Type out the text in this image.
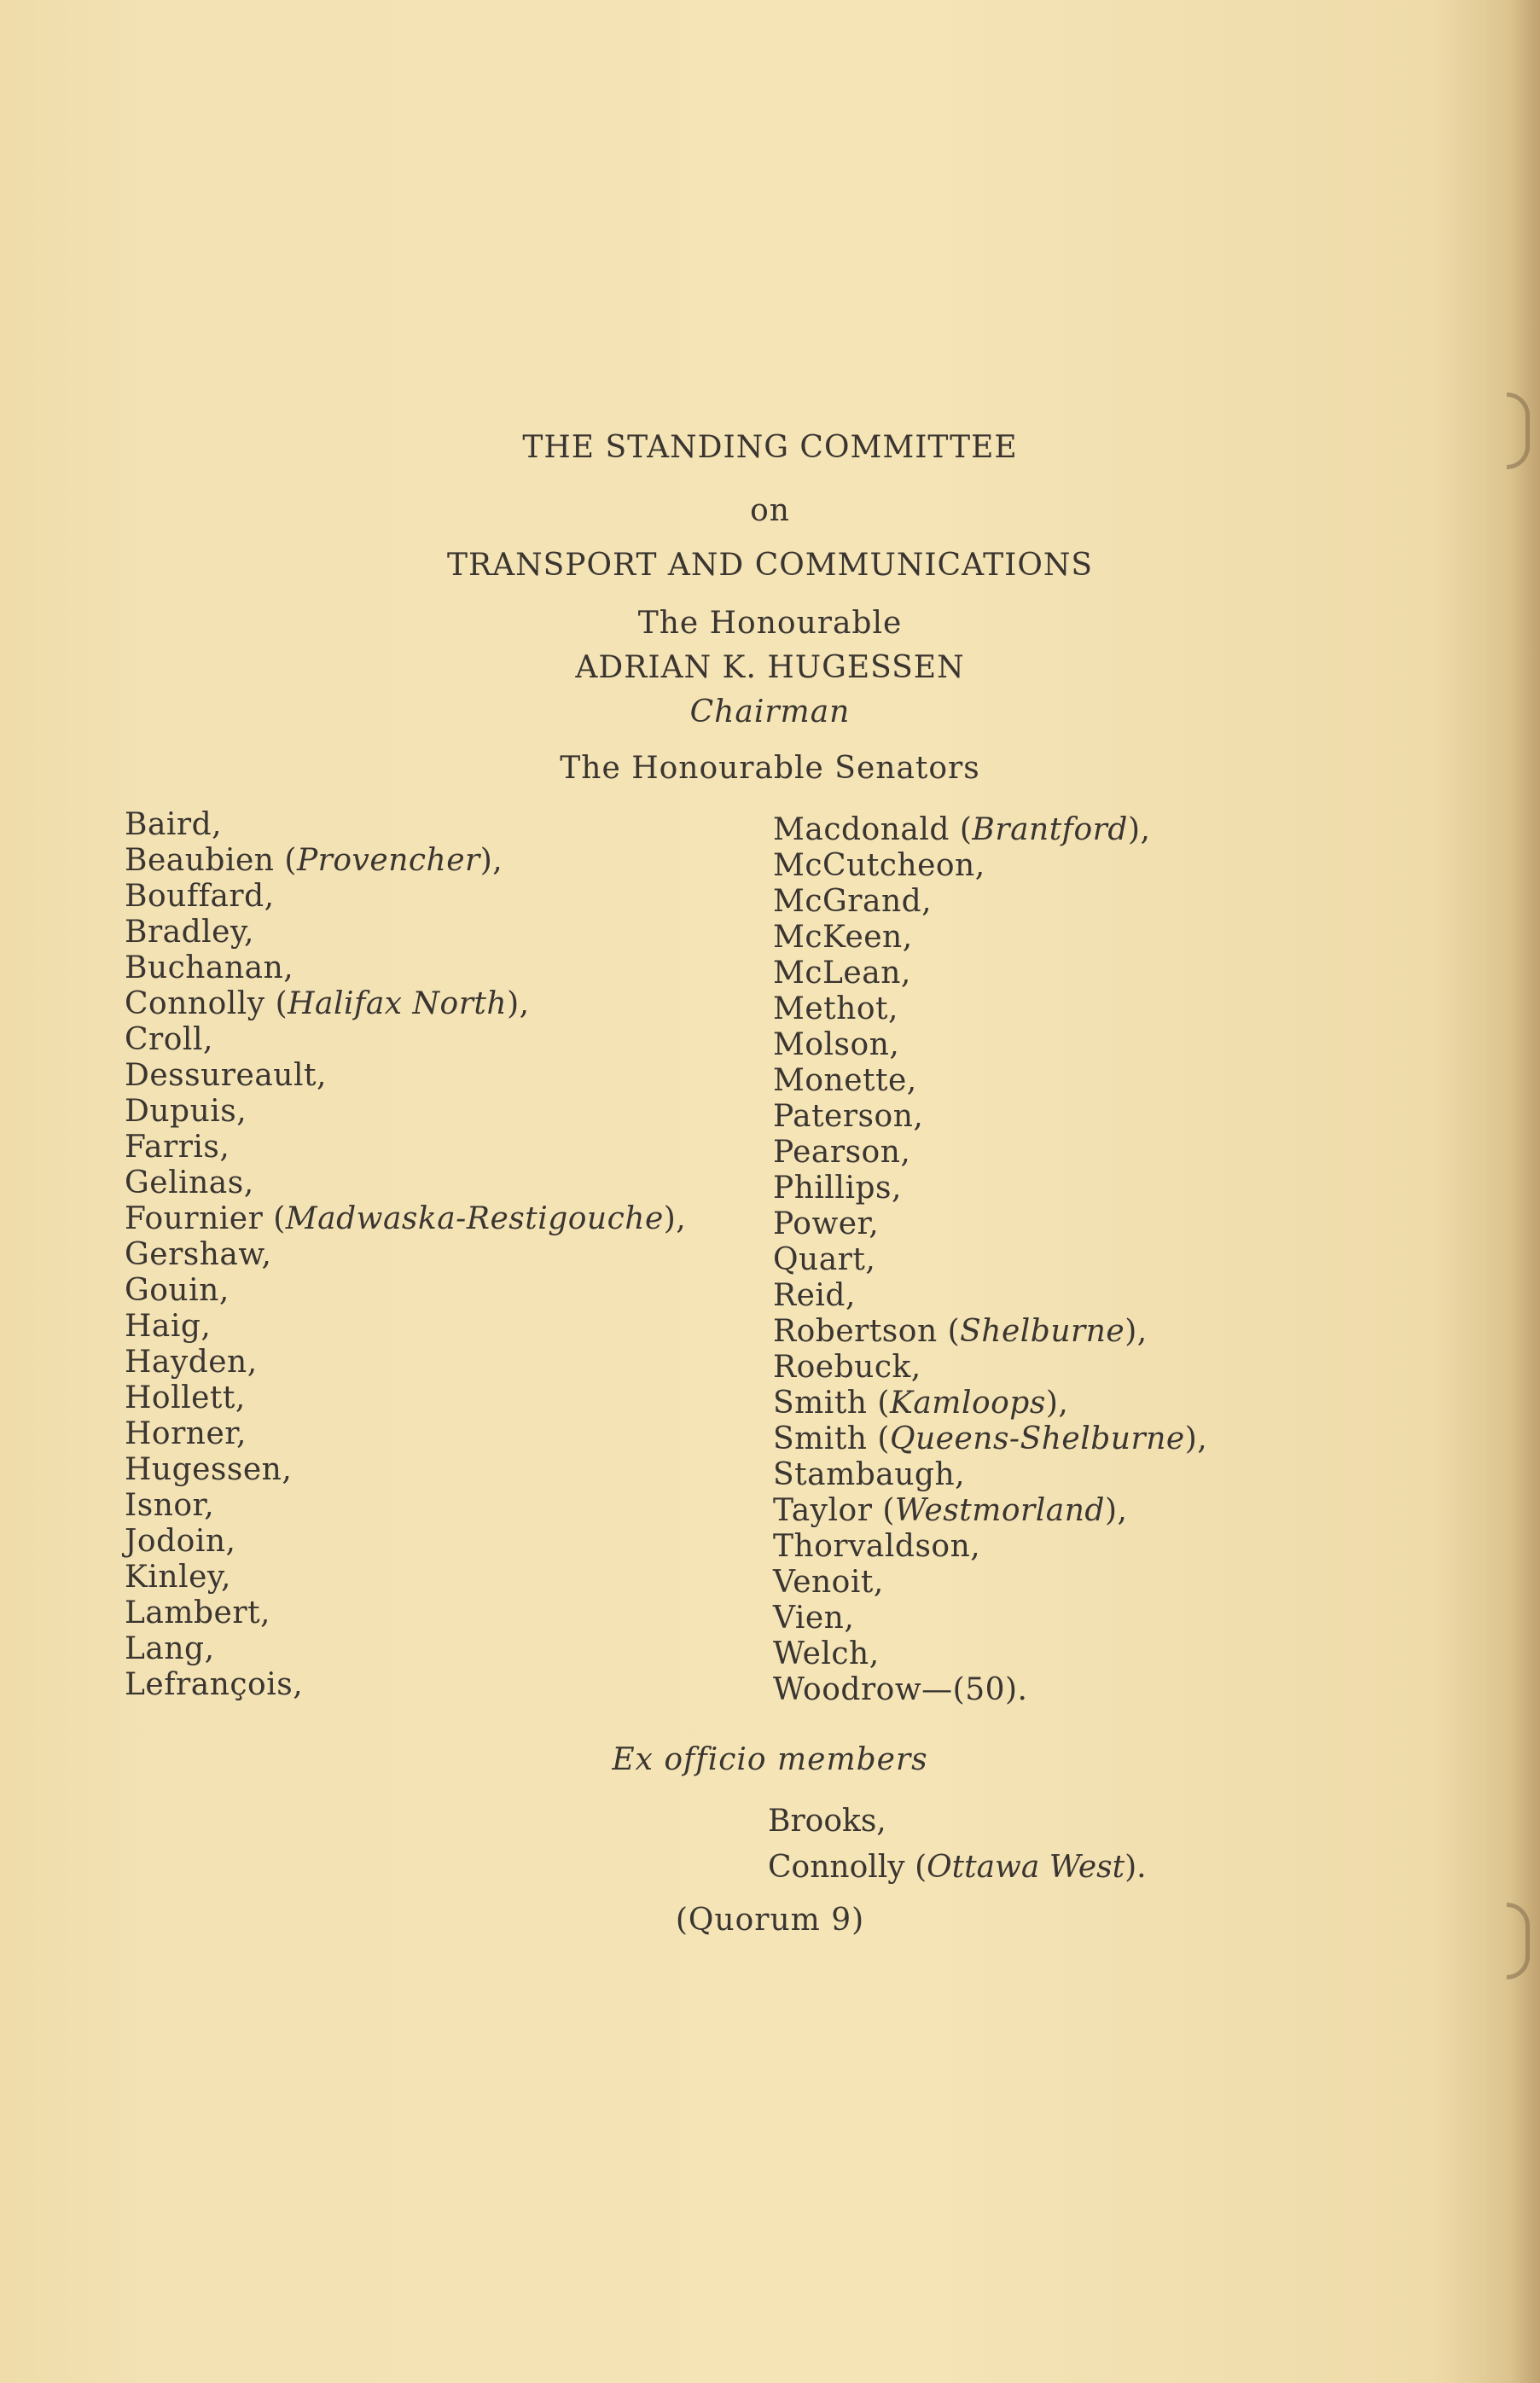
THE STANDING COMMITTEE
on
TRANSPORT AND COMMUNICATIONS
The Honourable
ADRIAN K. HUGESSEN
Chairman
The Honourable Senators
Baird,
Beaubien (Provencher),
Bouffard,
Bradley,
Buchanan,
Connolly (Halifax North),
Croll,
Dessureault,
Dupuis,
Farris,
Gelinas,
Fournier (Madwaska-Restigouche),
Gershaw,
Gouin,
Haig,
Hayden,
Hollett,
Horner,
Hugessen,
Isnor,
Jodoin,
Kinley,
Lambert,
Lang,
Lefrançois,
Macdonald (Brantford),
McCutcheon,
McGrand,
McKeen,
McLean,
Methot,
Molson,
Monette,
Paterson,
Pearson,
Phillips,
Power,
Quart,
Reid,
Robertson (Shelburne),
Roebuck,
Smith (Kamloops),
Smith (Queens-Shelburne),
Stambaugh,
Taylor (Westmorland),
Thorvaldson,
Venoit,
Vien,
Welch,
Woodrow—(50).
Ex officio members
Brooks,
Connolly (Ottawa West).
(Quorum 9)
